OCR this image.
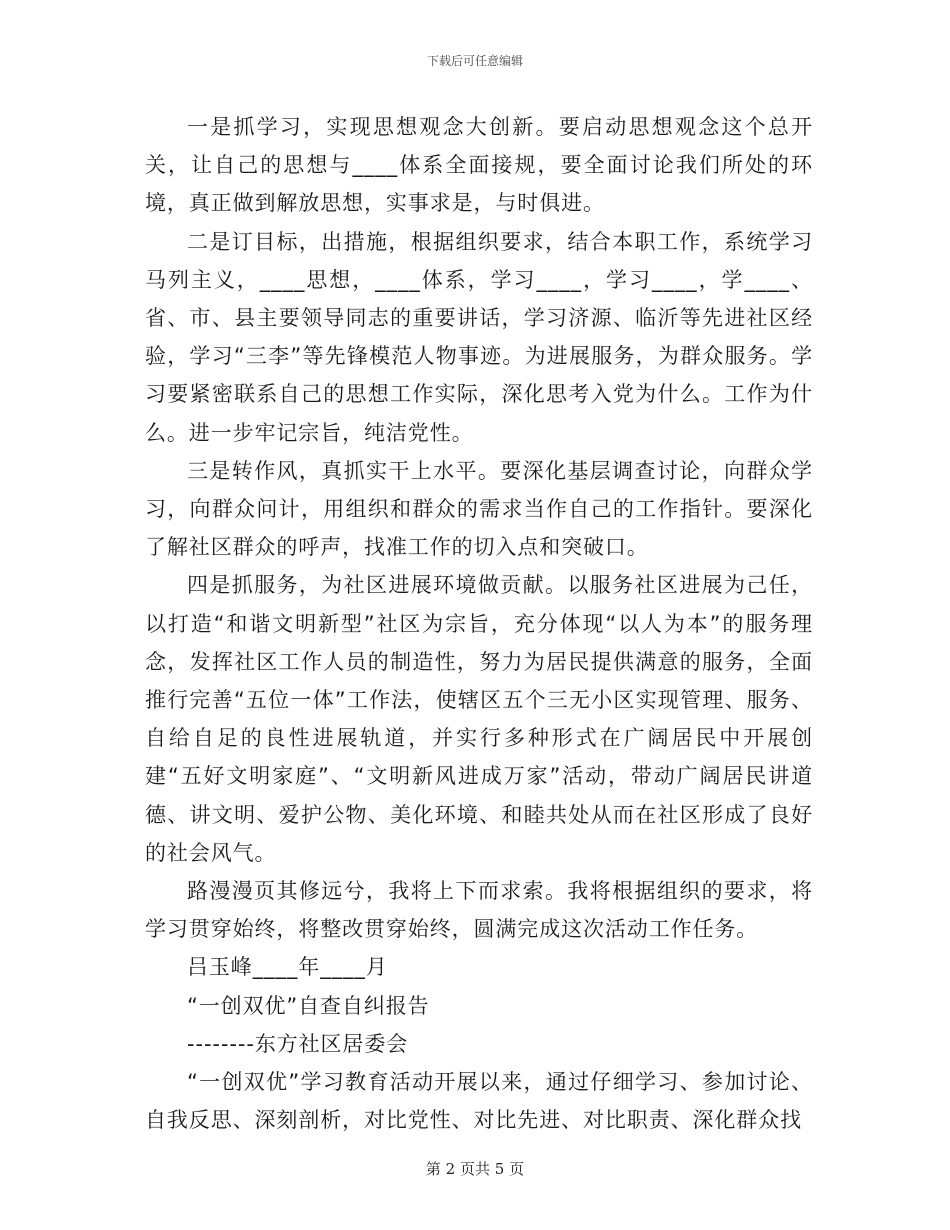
下载后可任意编辑

一是抓学习，实现思想观念大创新。要启动思想观念这个总开关，让自己的思想与____体系全面接规，要全面讨论我们所处的环境，真正做到解放思想，实事求是，与时俱进。

二是订目标，出措施，根据组织要求，结合本职工作，系统学习马列主义，____思想，____体系，学习____，学习____，学____、省、市、县主要领导同志的重要讲话，学习济源、临沂等先进社区经验，学习“三李”等先锋模范人物事迹。为进展服务，为群众服务。学习要紧密联系自己的思想工作实际，深化思考入党为什么。工作为什么。进一步牢记宗旨，纯洁党性。

三是转作风，真抓实干上水平。要深化基层调查讨论，向群众学习，向群众问计，用组织和群众的需求当作自己的工作指针。要深化了解社区群众的呼声，找准工作的切入点和突破口。

四是抓服务，为社区进展环境做贡献。以服务社区进展为己任，以打造“和谐文明新型”社区为宗旨，充分体现“以人为本”的服务理念，发挥社区工作人员的制造性，努力为居民提供满意的服务，全面推行完善“五位一体”工作法，使辖区五个三无小区实现管理、服务、自给自足的良性进展轨道，并实行多种形式在广阔居民中开展创建“五好文明家庭”、“文明新风进成万家”活动，带动广阔居民讲道德、讲文明、爱护公物、美化环境、和睦共处从而在社区形成了良好的社会风气。

路漫漫页其修远兮，我将上下而求索。我将根据组织的要求，将学习贯穿始终，将整改贯穿始终，圆满完成这次活动工作任务。

吕玉峰____年____月

“一创双优”自查自纠报告

--------东方社区居委会

“一创双优”学习教育活动开展以来，通过仔细学习、参加讨论、自我反思、深刻剖析，对比党性、对比先进、对比职责、深化群众找

第 2 页共 5 页
